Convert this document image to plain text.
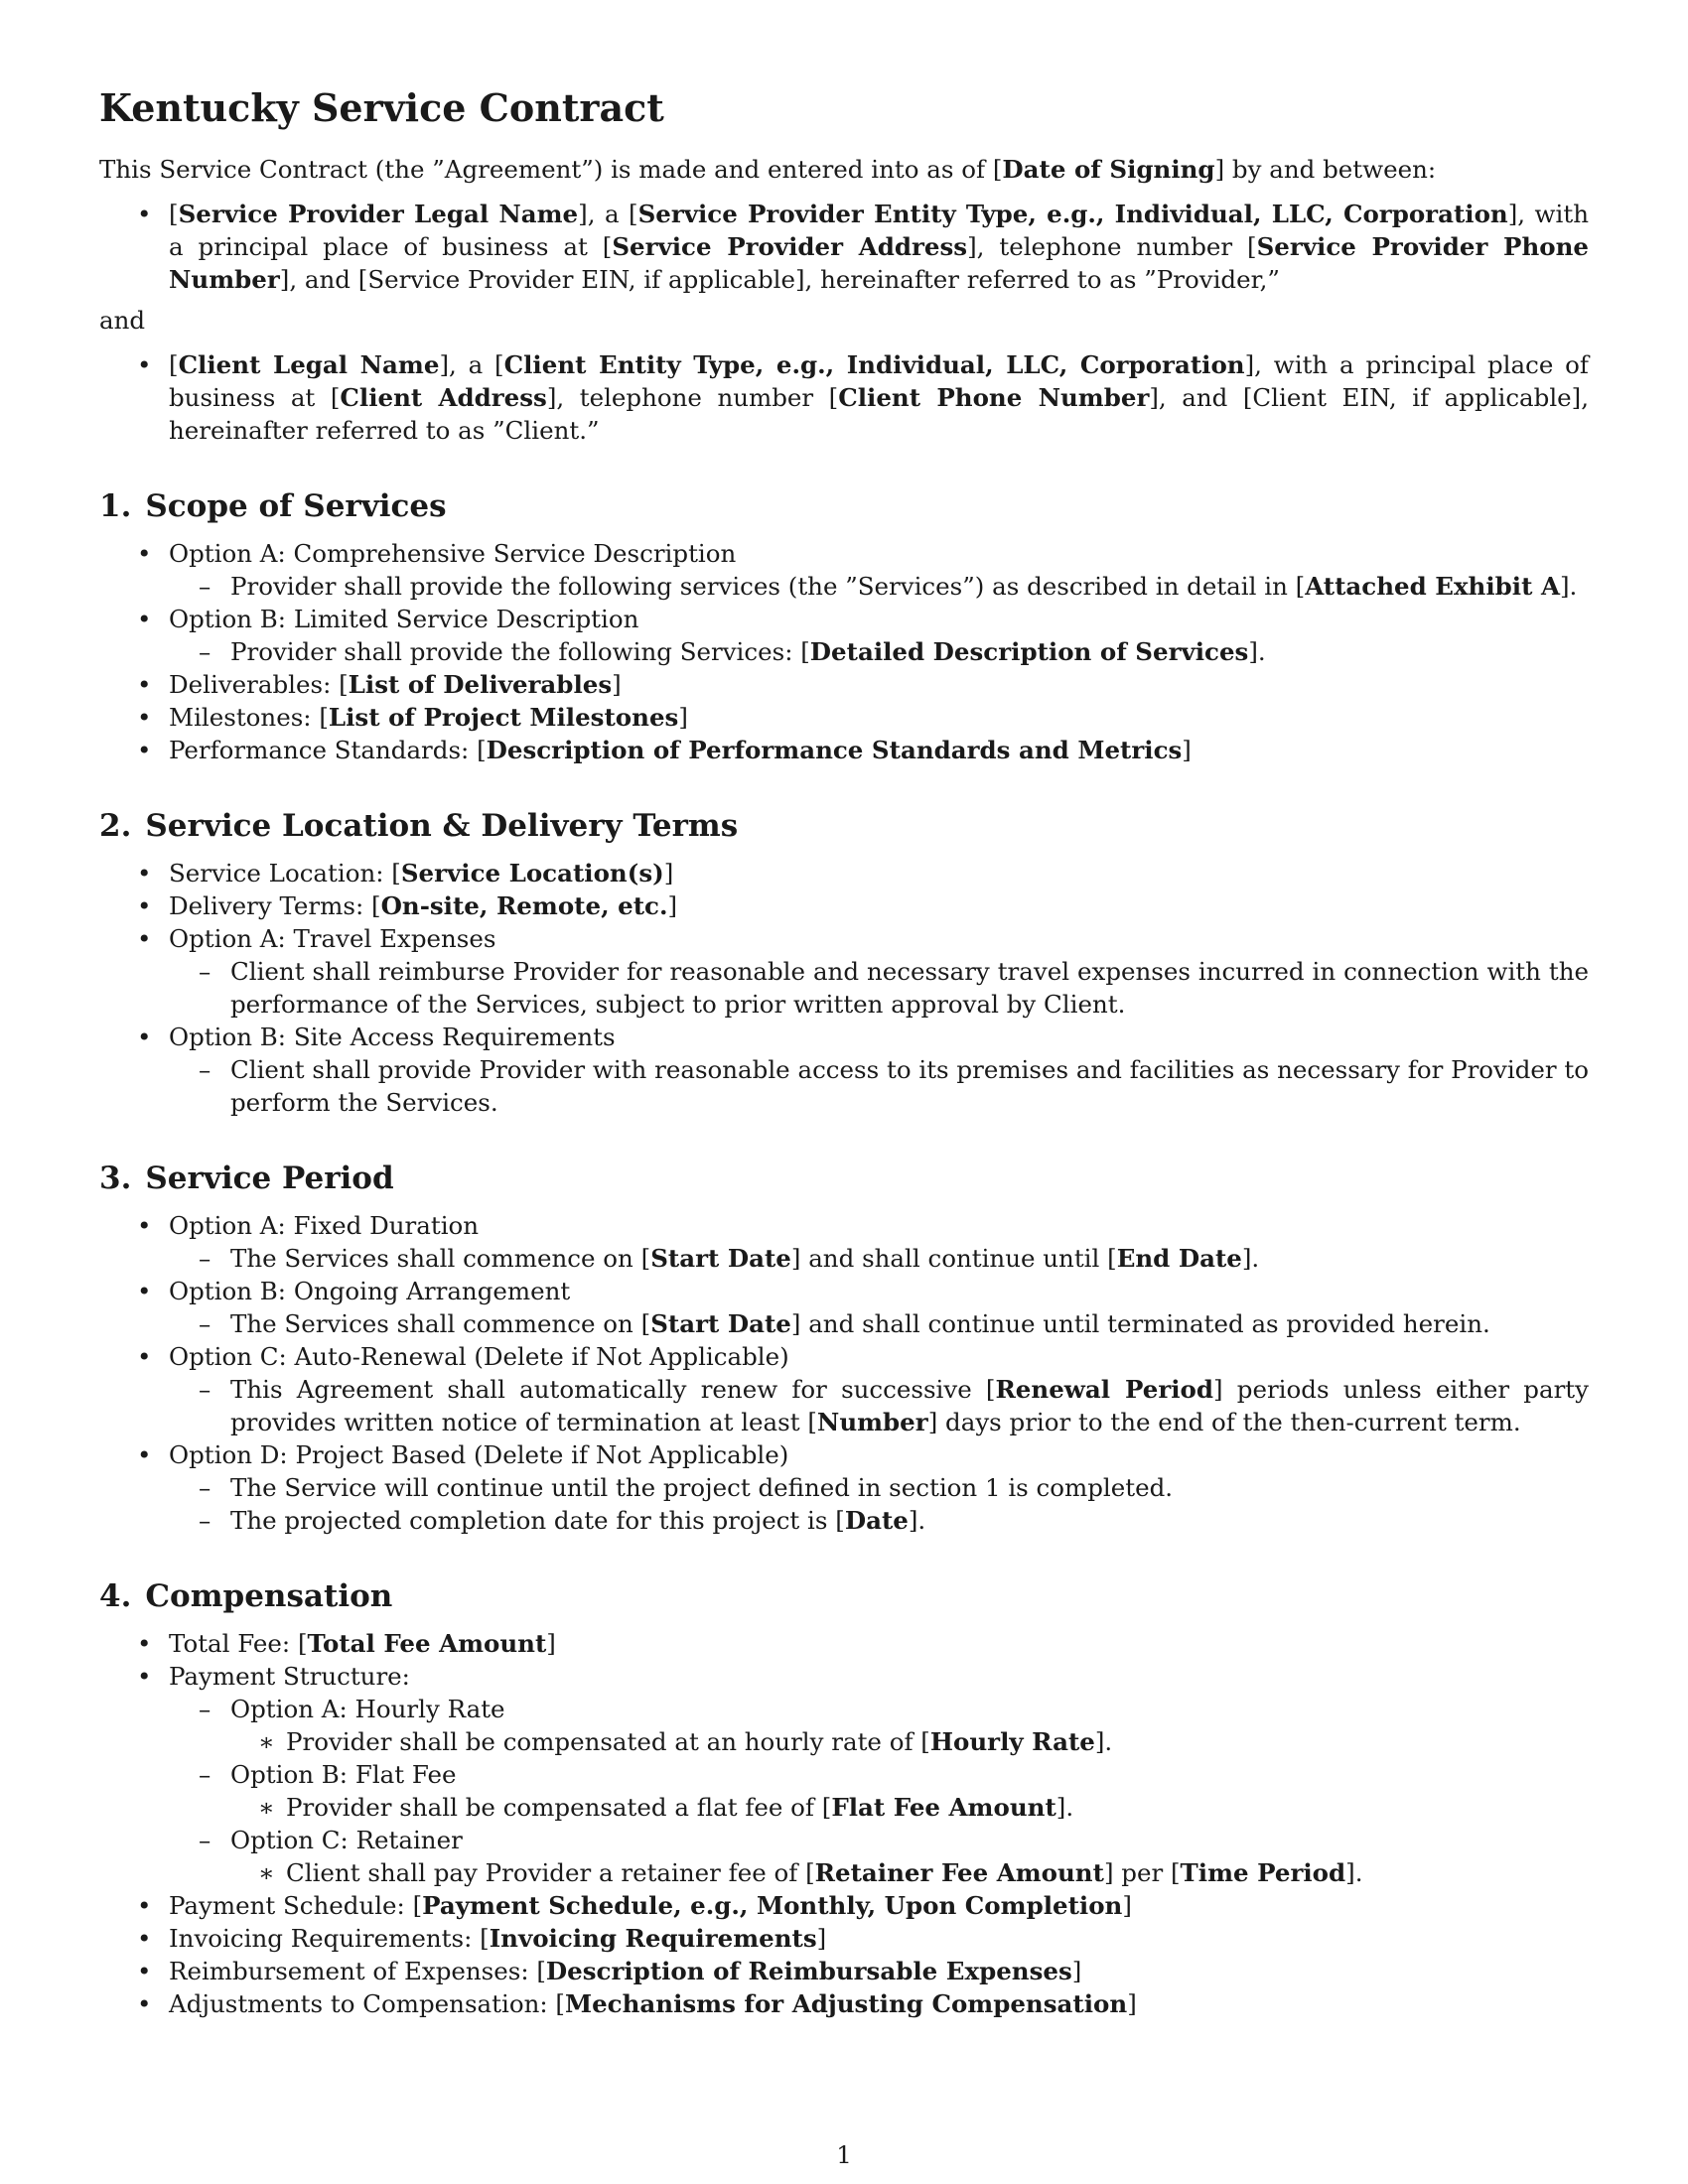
Kentucky Service Contract

This Service Contract (the ”Agreement”) is made and entered into as of [Date of Signing] by and between:

• [Service Provider Legal Name], a [Service Provider Entity Type, e.g., Individual, LLC, Corporation], with a principal place of business at [Service Provider Address], telephone number [Service Provider Phone Number], and [Service Provider EIN, if applicable], hereinafter referred to as ”Provider,”

and

• [Client Legal Name], a [Client Entity Type, e.g., Individual, LLC, Corporation], with a principal place of business at [Client Address], telephone number [Client Phone Number], and [Client EIN, if applicable], hereinafter referred to as ”Client.”
1. Scope of Services
• Option A: Comprehensive Service Description
– Provider shall provide the following services (the ”Services”) as described in detail in [Attached Exhibit A].
• Option B: Limited Service Description
– Provider shall provide the following Services: [Detailed Description of Services].
• Deliverables: [List of Deliverables]
• Milestones: [List of Project Milestones]
• Performance Standards: [Description of Performance Standards and Metrics]
2. Service Location & Delivery Terms
• Service Location: [Service Location(s)]
• Delivery Terms: [On-site, Remote, etc.]
• Option A: Travel Expenses
– Client shall reimburse Provider for reasonable and necessary travel expenses incurred in connection with the performance of the Services, subject to prior written approval by Client.
• Option B: Site Access Requirements
– Client shall provide Provider with reasonable access to its premises and facilities as necessary for Provider to perform the Services.
3. Service Period
• Option A: Fixed Duration
– The Services shall commence on [Start Date] and shall continue until [End Date].
• Option B: Ongoing Arrangement
– The Services shall commence on [Start Date] and shall continue until terminated as provided herein.
• Option C: Auto-Renewal (Delete if Not Applicable)
– This Agreement shall automatically renew for successive [Renewal Period] periods unless either party provides written notice of termination at least [Number] days prior to the end of the then-current term.
• Option D: Project Based (Delete if Not Applicable)
– The Service will continue until the project defined in section 1 is completed.
– The projected completion date for this project is [Date].
4. Compensation
• Total Fee: [Total Fee Amount]
• Payment Structure:
– Option A: Hourly Rate
∗ Provider shall be compensated at an hourly rate of [Hourly Rate].
– Option B: Flat Fee
∗ Provider shall be compensated a flat fee of [Flat Fee Amount].
– Option C: Retainer
∗ Client shall pay Provider a retainer fee of [Retainer Fee Amount] per [Time Period].
• Payment Schedule: [Payment Schedule, e.g., Monthly, Upon Completion]
• Invoicing Requirements: [Invoicing Requirements]
• Reimbursement of Expenses: [Description of Reimbursable Expenses]
• Adjustments to Compensation: [Mechanisms for Adjusting Compensation]
1
